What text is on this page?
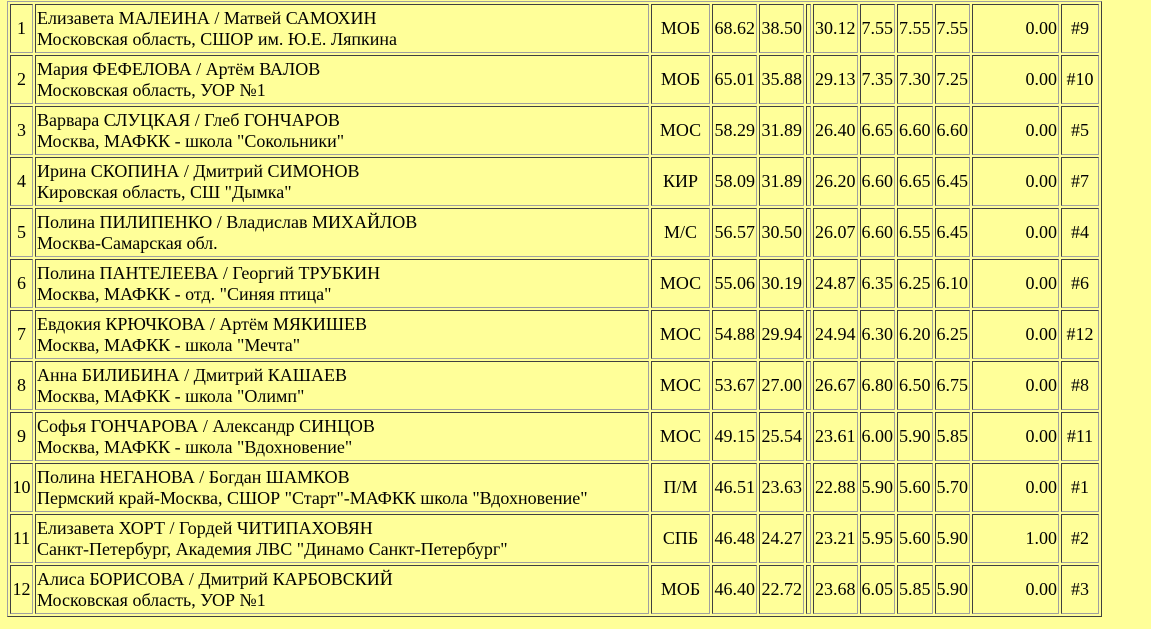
1	Елизавета МАЛЕИНА / Матвей САМОХИН
Московская область, СШОР им. Ю.Е. Ляпкина	МОБ	68.62	38.50		30.12	7.55	7.55	7.55	0.00	#9
2	Мария ФЕФЕЛОВА / Артём ВАЛОВ
Московская область, УОР №1	МОБ	65.01	35.88		29.13	7.35	7.30	7.25	0.00	#10
3	Варвара СЛУЦКАЯ / Глеб ГОНЧАРОВ
Москва, МАФКК - школа "Сокольники"	МОС	58.29	31.89		26.40	6.65	6.60	6.60	0.00	#5
4	Ирина СКОПИНА / Дмитрий СИМОНОВ
Кировская область, СШ "Дымка"	КИР	58.09	31.89		26.20	6.60	6.65	6.45	0.00	#7
5	Полина ПИЛИПЕНКО / Владислав МИХАЙЛОВ
Москва-Самарская обл.	М/С	56.57	30.50		26.07	6.60	6.55	6.45	0.00	#4
6	Полина ПАНТЕЛЕЕВА / Георгий ТРУБКИН
Москва, МАФКК - отд. "Синяя птица"	МОС	55.06	30.19		24.87	6.35	6.25	6.10	0.00	#6
7	Евдокия КРЮЧКОВА / Артём МЯКИШЕВ
Москва, МАФКК - школа "Мечта"	МОС	54.88	29.94		24.94	6.30	6.20	6.25	0.00	#12
8	Анна БИЛИБИНА / Дмитрий КАШАЕВ
Москва, МАФКК - школа "Олимп"	МОС	53.67	27.00		26.67	6.80	6.50	6.75	0.00	#8
9	Софья ГОНЧАРОВА / Александр СИНЦОВ
Москва, МАФКК - школа "Вдохновение"	МОС	49.15	25.54		23.61	6.00	5.90	5.85	0.00	#11
10	Полина НЕГАНОВА / Богдан ШАМКОВ
Пермский край-Москва, СШОР "Старт"-МАФКК школа "Вдохновение"	П/М	46.51	23.63		22.88	5.90	5.60	5.70	0.00	#1
11	Елизавета ХОРТ / Гордей ЧИТИПАХОВЯН
Санкт-Петербург, Академия ЛВС "Динамо Санкт-Петербург"	СПБ	46.48	24.27		23.21	5.95	5.60	5.90	1.00	#2
12	Алиса БОРИСОВА / Дмитрий КАРБОВСКИЙ
Московская область, УОР №1	МОБ	46.40	22.72		23.68	6.05	5.85	5.90	0.00	#3
